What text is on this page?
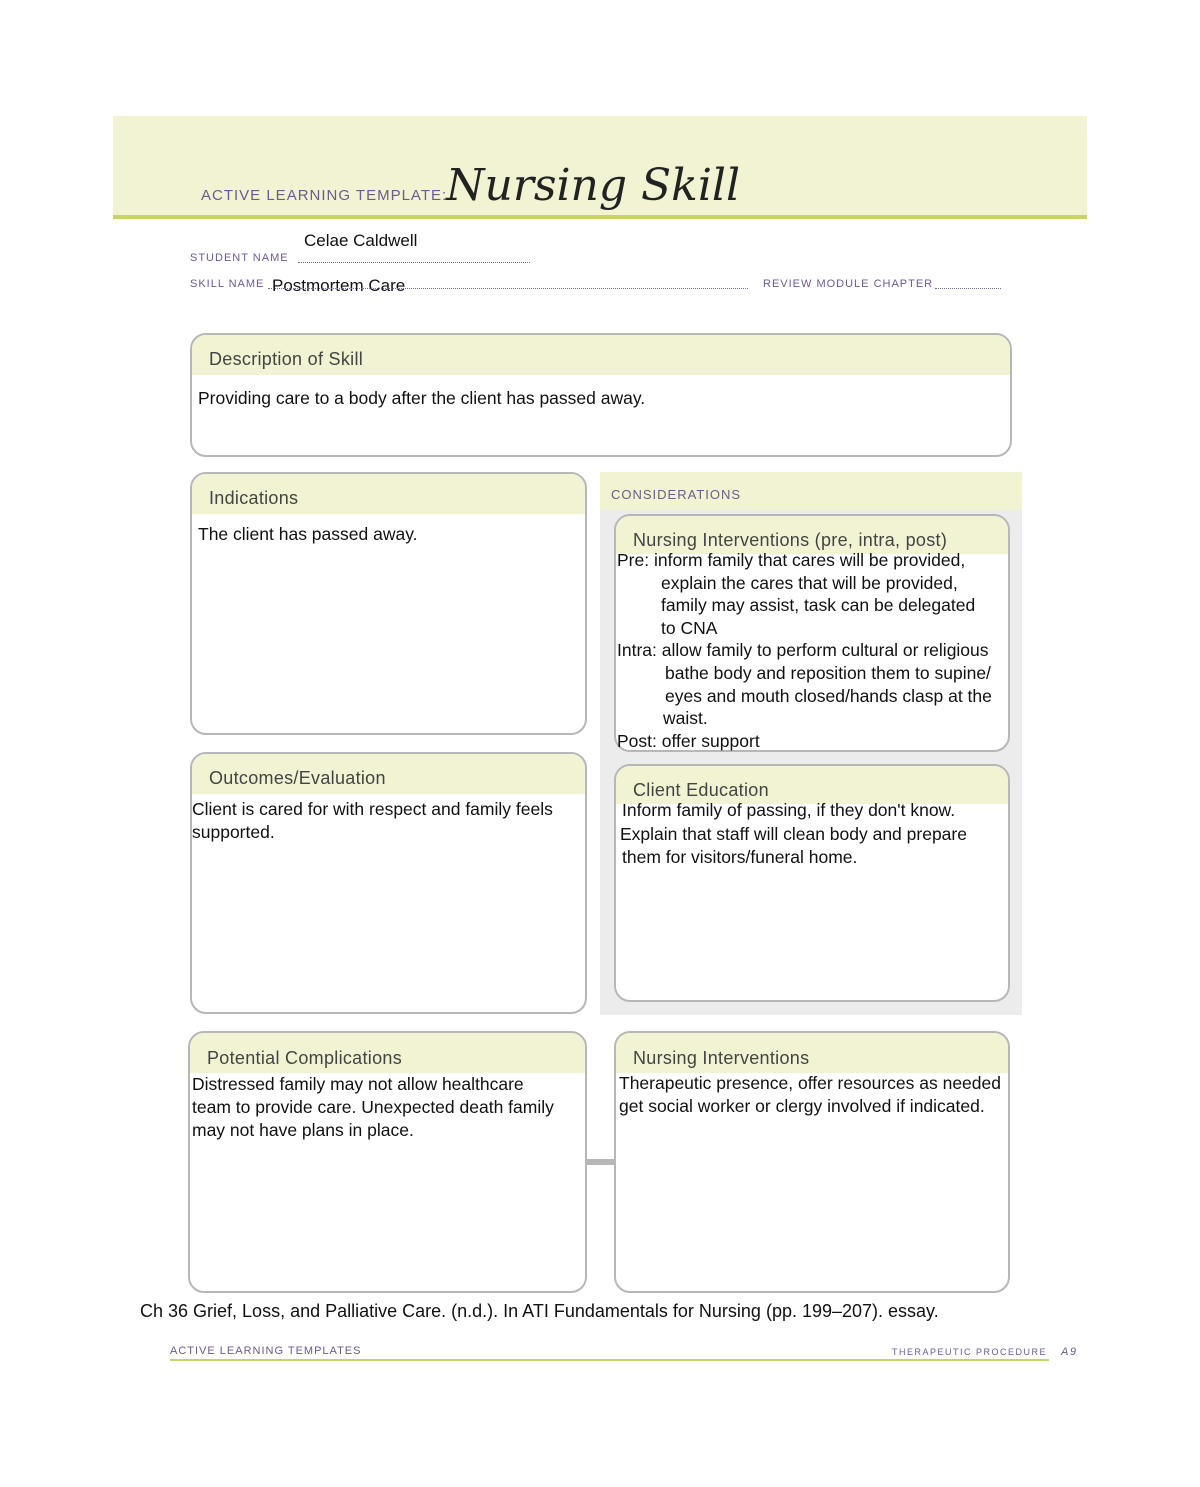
ACTIVE LEARNING TEMPLATE:
Nursing Skill
Celae Caldwell
STUDENT NAME
SKILL NAME Postmortem Care	REVIEW MODULE CHAPTER
Description of Skill
Providing care to a body after the client has passed away.
Indications
The client has passed away.
Outcomes/Evaluation
Client is cared for with respect and family feels
supported.
CONSIDERATIONS
Nursing Interventions (pre, intra, post)
Pre: inform family that cares will be provided,
explain the cares that will be provided,
family may assist, task can be delegated
to CNA
Intra: allow family to perform cultural or religious
bathe body and reposition them to supine/
eyes and mouth closed/hands clasp at the
waist.
Post: offer support
Client Education
Inform family of passing, if they don't know.
Explain that staff will clean body and prepare
them for visitors/funeral home.
Potential Complications
Distressed family may not allow healthcare
team to provide care. Unexpected death family
may not have plans in place.
Nursing Interventions
Therapeutic presence, offer resources as needed
get social worker or clergy involved if indicated.
Ch 36 Grief, Loss, and Palliative Care. (n.d.). In ATI Fundamentals for Nursing (pp. 199–207). essay.
ACTIVE LEARNING TEMPLATES	THERAPEUTIC PROCEDURE A9
